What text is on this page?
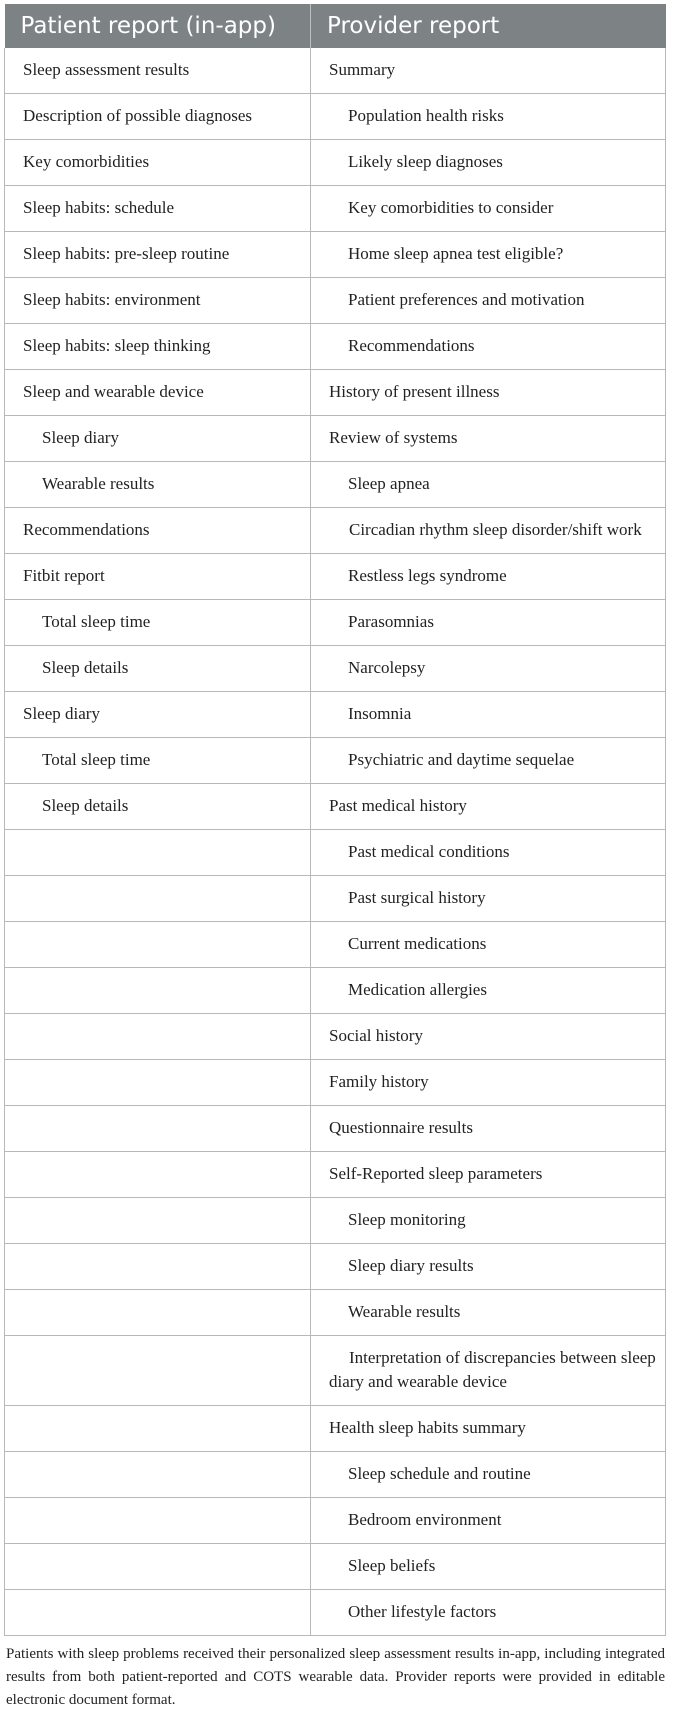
Patient report (in-app)	Provider report
Sleep assessment results	Summary
Description of possible diagnoses	Population health risks
Key comorbidities	Likely sleep diagnoses
Sleep habits: schedule	Key comorbidities to consider
Sleep habits: pre-sleep routine	Home sleep apnea test eligible?
Sleep habits: environment	Patient preferences and motivation
Sleep habits: sleep thinking	Recommendations
Sleep and wearable device	History of present illness
Sleep diary	Review of systems
Wearable results	Sleep apnea
Recommendations	Circadian rhythm sleep disorder/shift work
Fitbit report	Restless legs syndrome
Total sleep time	Parasomnias
Sleep details	Narcolepsy
Sleep diary	Insomnia
Total sleep time	Psychiatric and daytime sequelae
Sleep details	Past medical history
	Past medical conditions
	Past surgical history
	Current medications
	Medication allergies
	Social history
	Family history
	Questionnaire results
	Self-Reported sleep parameters
	Sleep monitoring
	Sleep diary results
	Wearable results
	Interpretation of discrepancies between sleep diary and wearable device
	Health sleep habits summary
	Sleep schedule and routine
	Bedroom environment
	Sleep beliefs
	Other lifestyle factors

Patients with sleep problems received their personalized sleep assessment results in-app, including integrated results from both patient-reported and COTS wearable data. Provider reports were provided in editable electronic document format.
